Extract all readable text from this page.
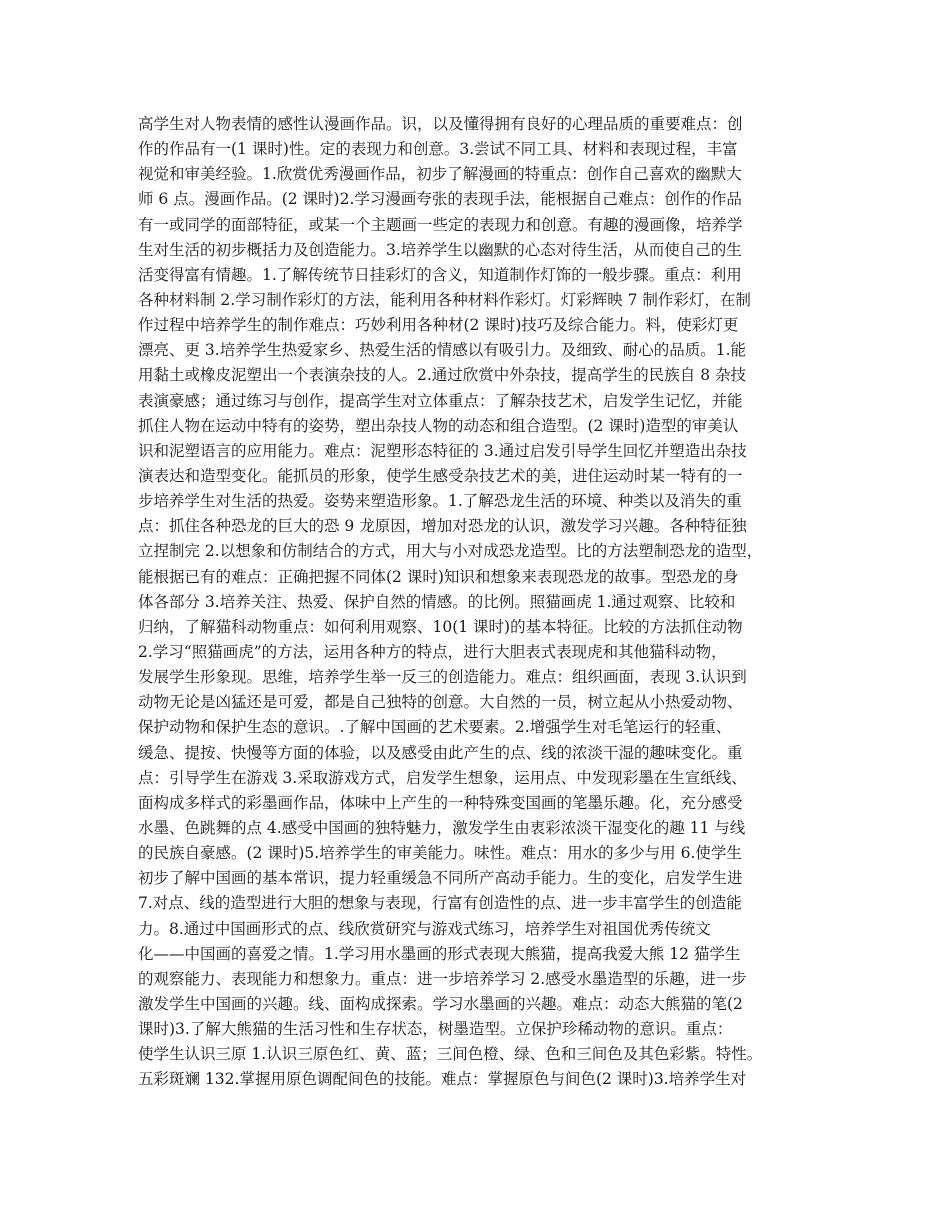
高学生对人物表情的感性认漫画作品。识，以及懂得拥有良好的心理品质的重要难点：创
作的作品有一(1 课时)性。定的表现力和创意。3.尝试不同工具、材料和表现过程，丰富
视觉和审美经验。1.欣赏优秀漫画作品，初步了解漫画的特重点：创作自己喜欢的幽默大
师 6 点。漫画作品。(2 课时)2.学习漫画夸张的表现手法，能根据自己难点：创作的作品
有一或同学的面部特征，或某一个主题画一些定的表现力和创意。有趣的漫画像，培养学
生对生活的初步概括力及创造能力。3.培养学生以幽默的心态对待生活，从而使自己的生
活变得富有情趣。1.了解传统节日挂彩灯的含义，知道制作灯饰的一般步骤。重点：利用
各种材料制 2.学习制作彩灯的方法，能利用各种材料作彩灯。灯彩辉映 7 制作彩灯，在制
作过程中培养学生的制作难点：巧妙利用各种材(2 课时)技巧及综合能力。料，使彩灯更
漂亮、更 3.培养学生热爱家乡、热爱生活的情感以有吸引力。及细致、耐心的品质。1.能
用黏土或橡皮泥塑出一个表演杂技的人。2.通过欣赏中外杂技，提高学生的民族自 8 杂技
表演豪感；通过练习与创作，提高学生对立体重点：了解杂技艺术，启发学生记忆，并能
抓住人物在运动中特有的姿势，塑出杂技人物的动态和组合造型。(2 课时)造型的审美认
识和泥塑语言的应用能力。难点：泥塑形态特征的 3.通过启发引导学生回忆并塑造出杂技
演表达和造型变化。能抓员的形象，使学生感受杂技艺术的美，进住运动时某一特有的一
步培养学生对生活的热爱。姿势来塑造形象。1.了解恐龙生活的环境、种类以及消失的重
点：抓住各种恐龙的巨大的恐 9 龙原因，增加对恐龙的认识，激发学习兴趣。各种特征独
立捏制完 2.以想象和仿制结合的方式，用大与小对成恐龙造型。比的方法塑制恐龙的造型，
能根据已有的难点：正确把握不同体(2 课时)知识和想象来表现恐龙的故事。型恐龙的身
体各部分 3.培养关注、热爱、保护自然的情感。的比例。照猫画虎 1.通过观察、比较和
归纳，了解猫科动物重点：如何利用观察、10(1 课时)的基本特征。比较的方法抓住动物
2.学习“照猫画虎”的方法，运用各种方的特点，进行大胆表式表现虎和其他猫科动物，
发展学生形象现。思维，培养学生举一反三的创造能力。难点：组织画面，表现 3.认识到
动物无论是凶猛还是可爱，都是自己独特的创意。大自然的一员，树立起从小热爱动物、
保护动物和保护生态的意识。.了解中国画的艺术要素。2.增强学生对毛笔运行的轻重、
缓急、提按、快慢等方面的体验，以及感受由此产生的点、线的浓淡干湿的趣味变化。重
点：引导学生在游戏 3.采取游戏方式，启发学生想象，运用点、中发现彩墨在生宣纸线、
面构成多样式的彩墨画作品，体味中上产生的一种特殊变国画的笔墨乐趣。化，充分感受
水墨、色跳舞的点 4.感受中国画的独特魅力，激发学生由衷彩浓淡干湿变化的趣 11 与线
的民族自豪感。(2 课时)5.培养学生的审美能力。味性。难点：用水的多少与用 6.使学生
初步了解中国画的基本常识，提力轻重缓急不同所产高动手能力。生的变化，启发学生进
7.对点、线的造型进行大胆的想象与表现，行富有创造性的点、进一步丰富学生的创造能
力。8.通过中国画形式的点、线欣赏研究与游戏式练习，培养学生对祖国优秀传统文
化——中国画的喜爱之情。1.学习用水墨画的形式表现大熊猫，提高我爱大熊 12 猫学生
的观察能力、表现能力和想象力。重点：进一步培养学习 2.感受水墨造型的乐趣，进一步
激发学生中国画的兴趣。线、面构成探索。学习水墨画的兴趣。难点：动态大熊猫的笔(2
课时)3.了解大熊猫的生活习性和生存状态，树墨造型。立保护珍稀动物的意识。重点：
使学生认识三原 1.认识三原色红、黄、蓝；三间色橙、绿、色和三间色及其色彩紫。特性。
五彩斑斓 132.掌握用原色调配间色的技能。难点：掌握原色与间色(2 课时)3.培养学生对
